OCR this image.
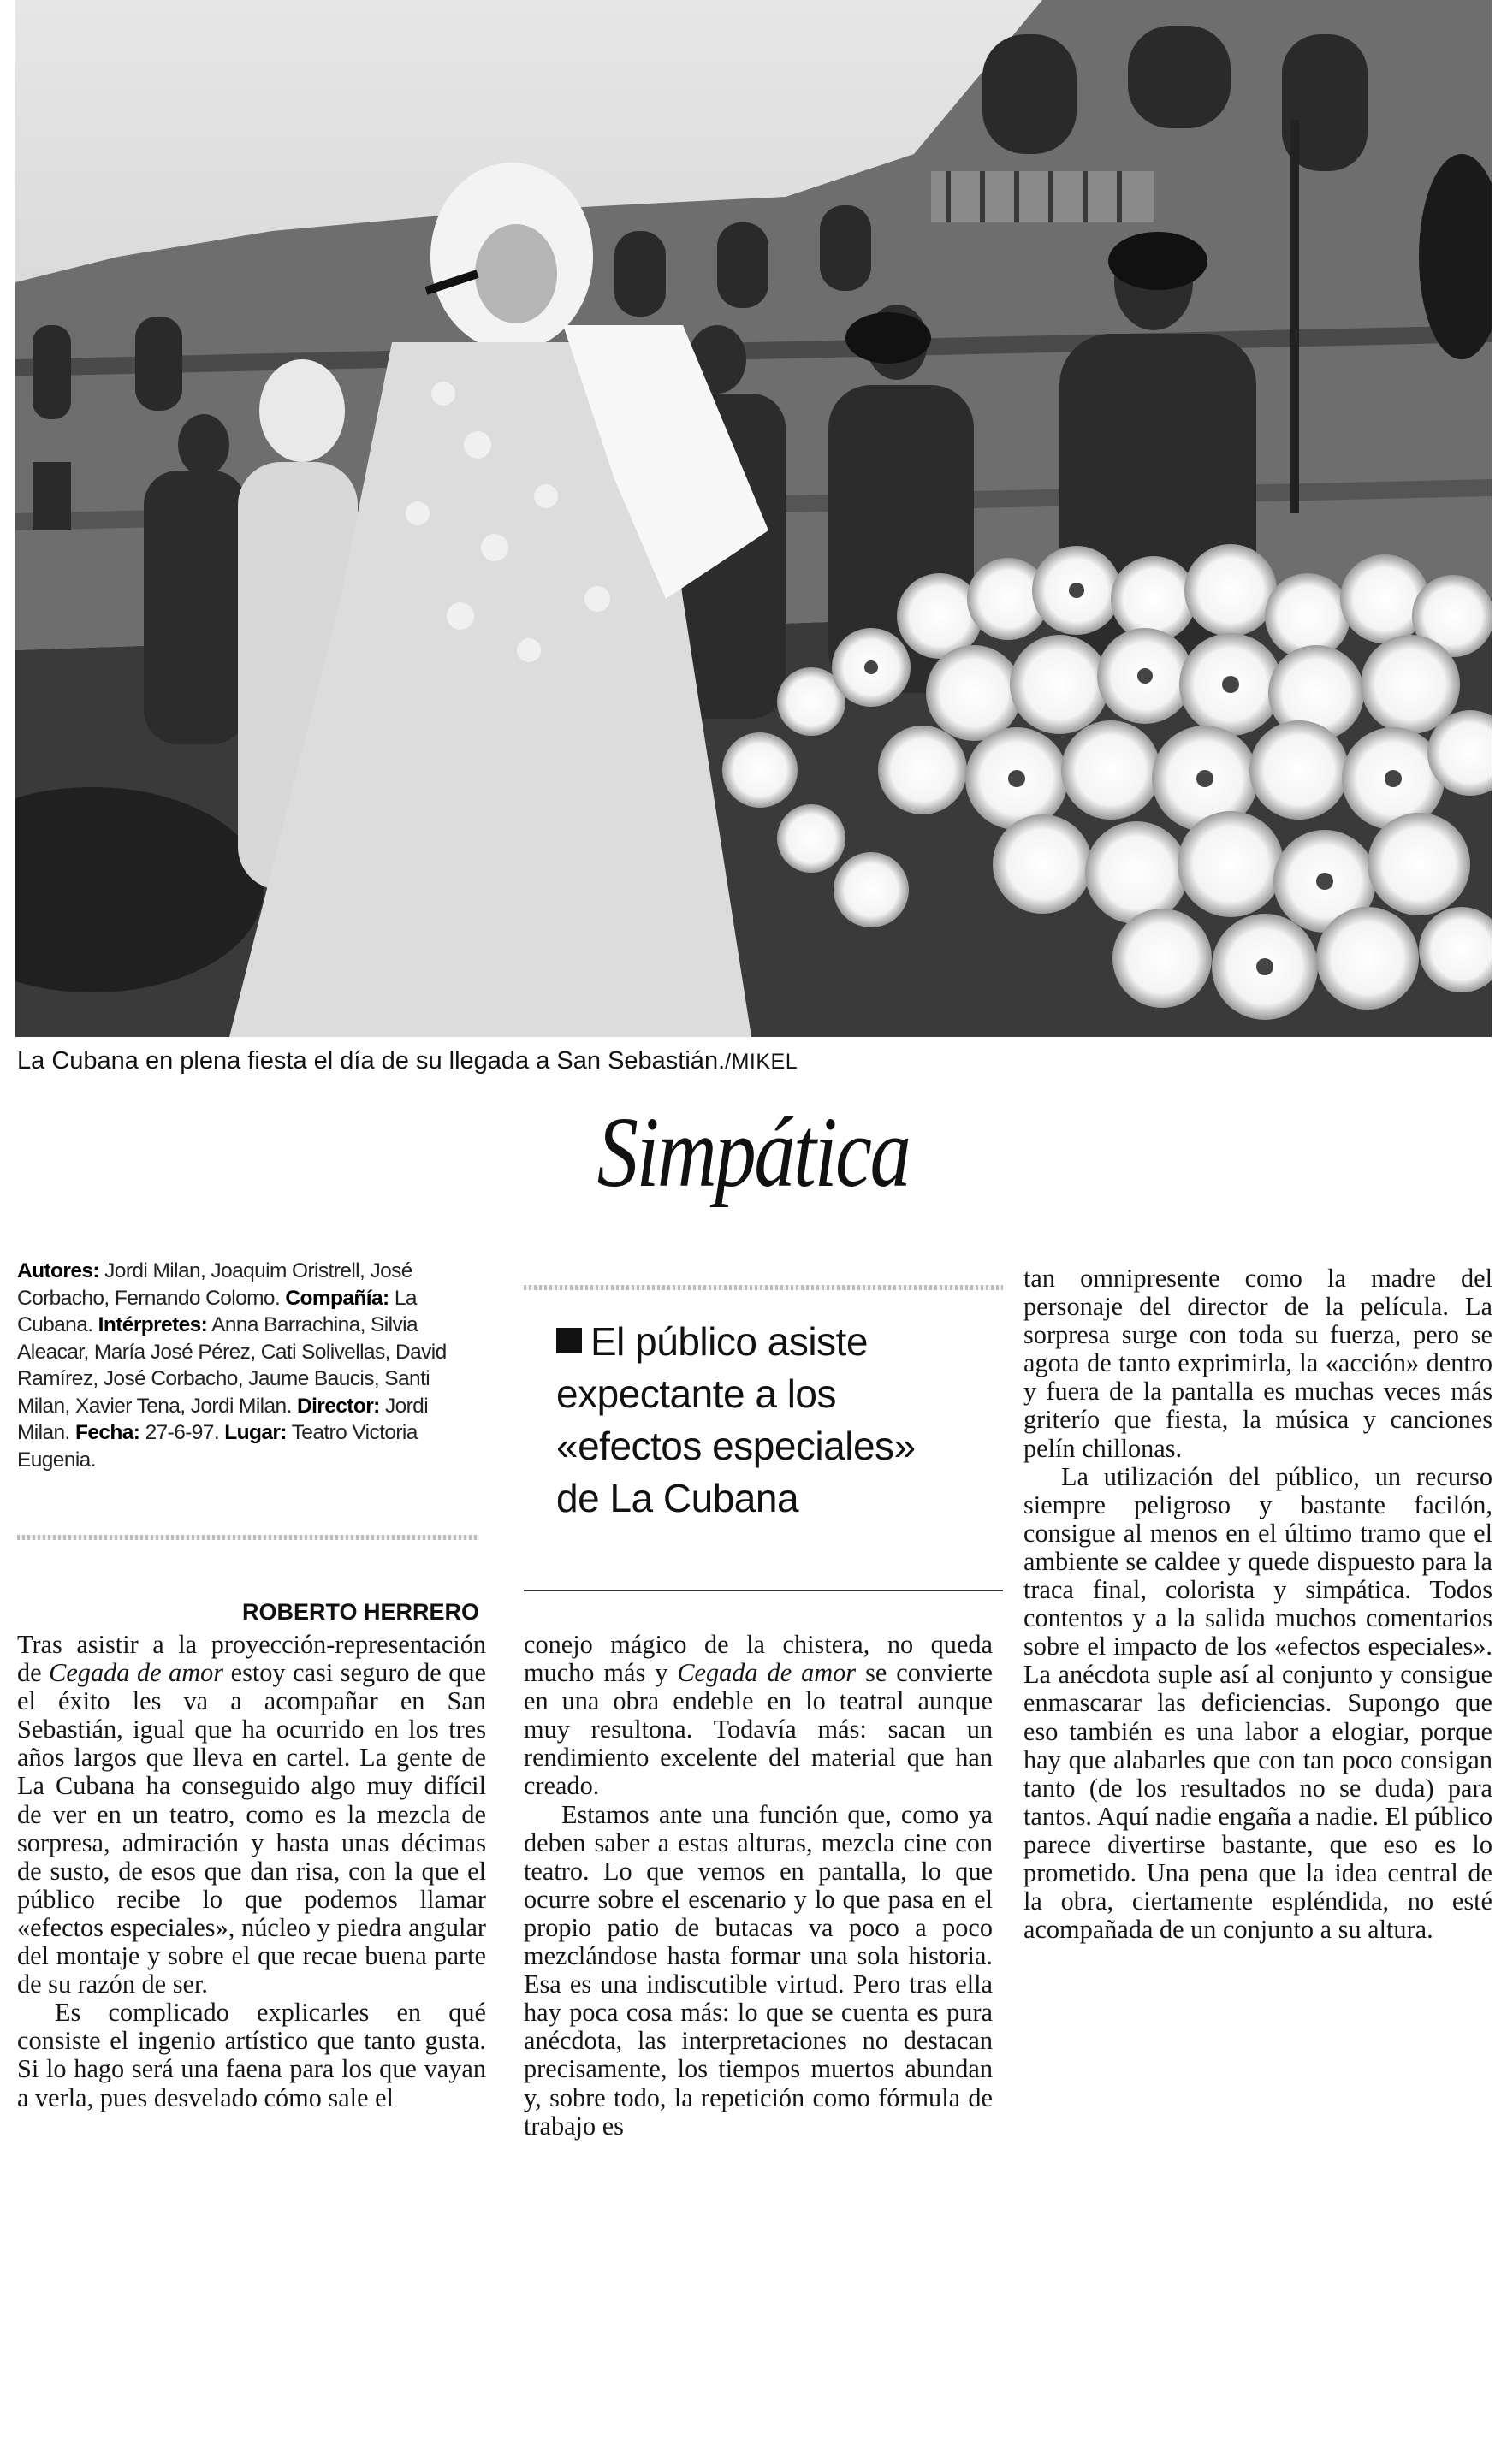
La Cubana en plena fiesta el día de su llegada a San Sebastián./MIKEL
Simpática
Autores: Jordi Milan, Joaquim Oristrell, José Corbacho, Fernando Colomo. Compañía: La Cubana. Intérpretes: Anna Barrachina, Silvia Aleacar, María José Pérez, Cati Solivellas, David Ramírez, José Corbacho, Jaume Baucis, Santi Milan, Xavier Tena, Jordi Milan. Director: Jordi Milan. Fecha: 27-6-97. Lugar: Teatro Victoria Eugenia.
ROBERTO HERRERO

Tras asistir a la proyección-representación de Cegada de amor estoy casi seguro de que el éxito les va a acompañar en San Sebastián, igual que ha ocurrido en los tres años largos que lleva en cartel. La gente de La Cubana ha conseguido algo muy difícil de ver en un teatro, como es la mezcla de sorpresa, admiración y hasta unas décimas de susto, de esos que dan risa, con la que el público recibe lo que podemos llamar «efectos especiales», núcleo y piedra angular del montaje y sobre el que recae buena parte de su razón de ser.

Es complicado explicarles en qué consiste el ingenio artístico que tanto gusta. Si lo hago será una faena para los que vayan a verla, pues desvelado cómo sale el

El público asiste expectante a los «efectos especiales» de La Cubana

conejo mágico de la chistera, no queda mucho más y Cegada de amor se convierte en una obra endeble en lo teatral aunque muy resultona. Todavía más: sacan un rendimiento excelente del material que han creado.

Estamos ante una función que, como ya deben saber a estas alturas, mezcla cine con teatro. Lo que vemos en pantalla, lo que ocurre sobre el escenario y lo que pasa en el propio patio de butacas va poco a poco mezclándose hasta formar una sola historia. Esa es una indiscutible virtud. Pero tras ella hay poca cosa más: lo que se cuenta es pura anécdota, las interpretaciones no destacan precisamente, los tiempos muertos abundan y, sobre todo, la repetición como fórmula de trabajo es

tan omnipresente como la madre del personaje del director de la película. La sorpresa surge con toda su fuerza, pero se agota de tanto exprimirla, la «acción» dentro y fuera de la pantalla es muchas veces más griterío que fiesta, la música y canciones pelín chillonas.

La utilización del público, un recurso siempre peligroso y bastante facilón, consigue al menos en el último tramo que el ambiente se caldee y quede dispuesto para la traca final, colorista y simpática. Todos contentos y a la salida muchos comentarios sobre el impacto de los «efectos especiales». La anécdota suple así al conjunto y consigue enmascarar las deficiencias. Supongo que eso también es una labor a elogiar, porque hay que alabarles que con tan poco consigan tanto (de los resultados no se duda) para tantos. Aquí nadie engaña a nadie. El público parece divertirse bastante, que eso es lo prometido. Una pena que la idea central de la obra, ciertamente espléndida, no esté acompañada de un conjunto a su altura.
